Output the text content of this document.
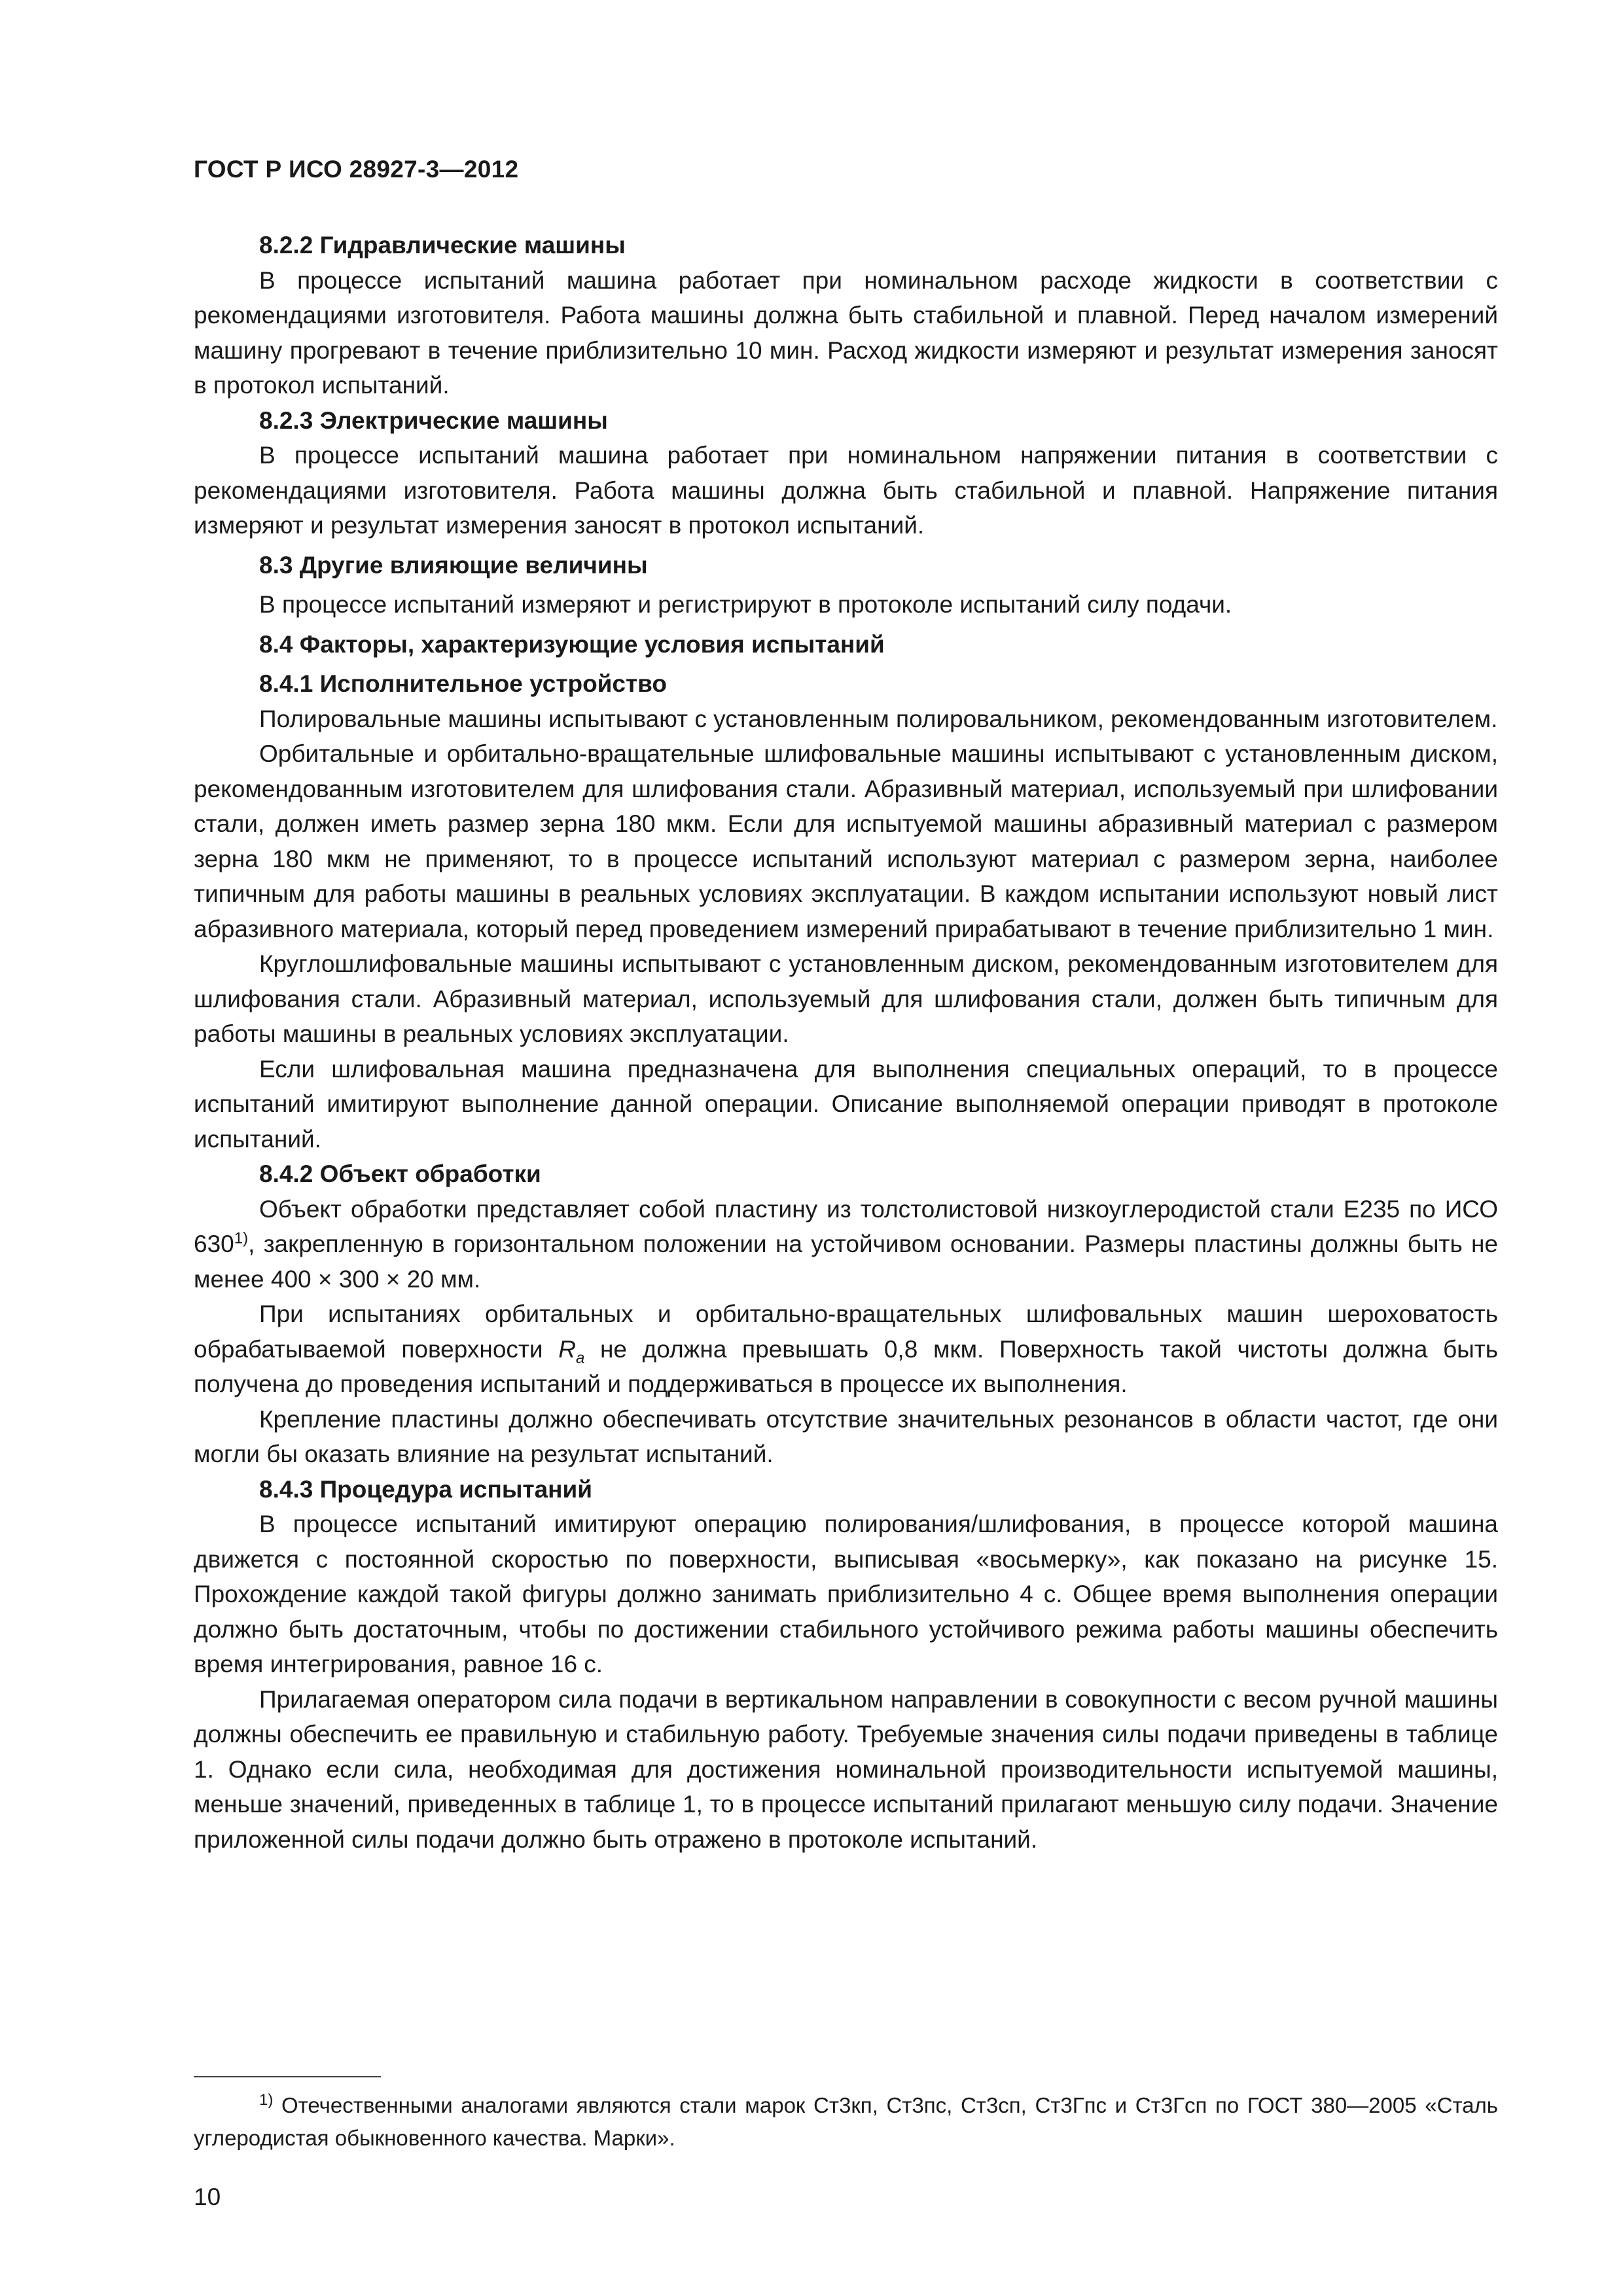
ГОСТ Р ИСО 28927-3—2012

8.2.2 Гидравлические машины

В процессе испытаний машина работает при номинальном расходе жидкости в соответствии с рекомендациями изготовителя. Работа машины должна быть стабильной и плавной. Перед началом измерений машину прогревают в течение приблизительно 10 мин. Расход жидкости измеряют и результат измерения заносят в протокол испытаний.

8.2.3 Электрические машины

В процессе испытаний машина работает при номинальном напряжении питания в соответствии с рекомендациями изготовителя. Работа машины должна быть стабильной и плавной. Напряжение питания измеряют и результат измерения заносят в протокол испытаний.

8.3 Другие влияющие величины

В процессе испытаний измеряют и регистрируют в протоколе испытаний силу подачи.

8.4 Факторы, характеризующие условия испытаний

8.4.1 Исполнительное устройство

Полировальные машины испытывают с установленным полировальником, рекомендованным изготовителем.

Орбитальные и орбитально-вращательные шлифовальные машины испытывают с установленным диском, рекомендованным изготовителем для шлифования стали. Абразивный материал, используемый при шлифовании стали, должен иметь размер зерна 180 мкм. Если для испытуемой машины абразивный материал с размером зерна 180 мкм не применяют, то в процессе испытаний используют материал с размером зерна, наиболее типичным для работы машины в реальных условиях эксплуатации. В каждом испытании используют новый лист абразивного материала, который перед проведением измерений прирабатывают в течение приблизительно 1 мин.

Круглошлифовальные машины испытывают с установленным диском, рекомендованным изготовителем для шлифования стали. Абразивный материал, используемый для шлифования стали, должен быть типичным для работы машины в реальных условиях эксплуатации.

Если шлифовальная машина предназначена для выполнения специальных операций, то в процессе испытаний имитируют выполнение данной операции. Описание выполняемой операции приводят в протоколе испытаний.

8.4.2 Объект обработки

Объект обработки представляет собой пластину из толстолистовой низкоуглеродистой стали E235 по ИСО 630$^{1)}$, закрепленную в горизонтальном положении на устойчивом основании. Размеры пластины должны быть не менее 400 × 300 × 20 мм.

При испытаниях орбитальных и орбитально-вращательных шлифовальных машин шероховатость обрабатываемой поверхности $R_a$ не должна превышать 0,8 мкм. Поверхность такой чистоты должна быть получена до проведения испытаний и поддерживаться в процессе их выполнения.

Крепление пластины должно обеспечивать отсутствие значительных резонансов в области частот, где они могли бы оказать влияние на результат испытаний.

8.4.3 Процедура испытаний

В процессе испытаний имитируют операцию полирования/шлифования, в процессе которой машина движется с постоянной скоростью по поверхности, выписывая «восьмерку», как показано на рисунке 15. Прохождение каждой такой фигуры должно занимать приблизительно 4 с. Общее время выполнения операции должно быть достаточным, чтобы по достижении стабильного устойчивого режима работы машины обеспечить время интегрирования, равное 16 с.

Прилагаемая оператором сила подачи в вертикальном направлении в совокупности с весом ручной машины должны обеспечить ее правильную и стабильную работу. Требуемые значения силы подачи приведены в таблице 1. Однако если сила, необходимая для достижения номинальной производительности испытуемой машины, меньше значений, приведенных в таблице 1, то в процессе испытаний прилагают меньшую силу подачи. Значение приложенной силы подачи должно быть отражено в протоколе испытаний.

$^{1)}$ Отечественными аналогами являются стали марок Ст3кп, Ст3пс, Ст3сп, Ст3Гпс и Ст3Гсп по ГОСТ 380—2005 «Сталь углеродистая обыкновенного качества. Марки».

10
